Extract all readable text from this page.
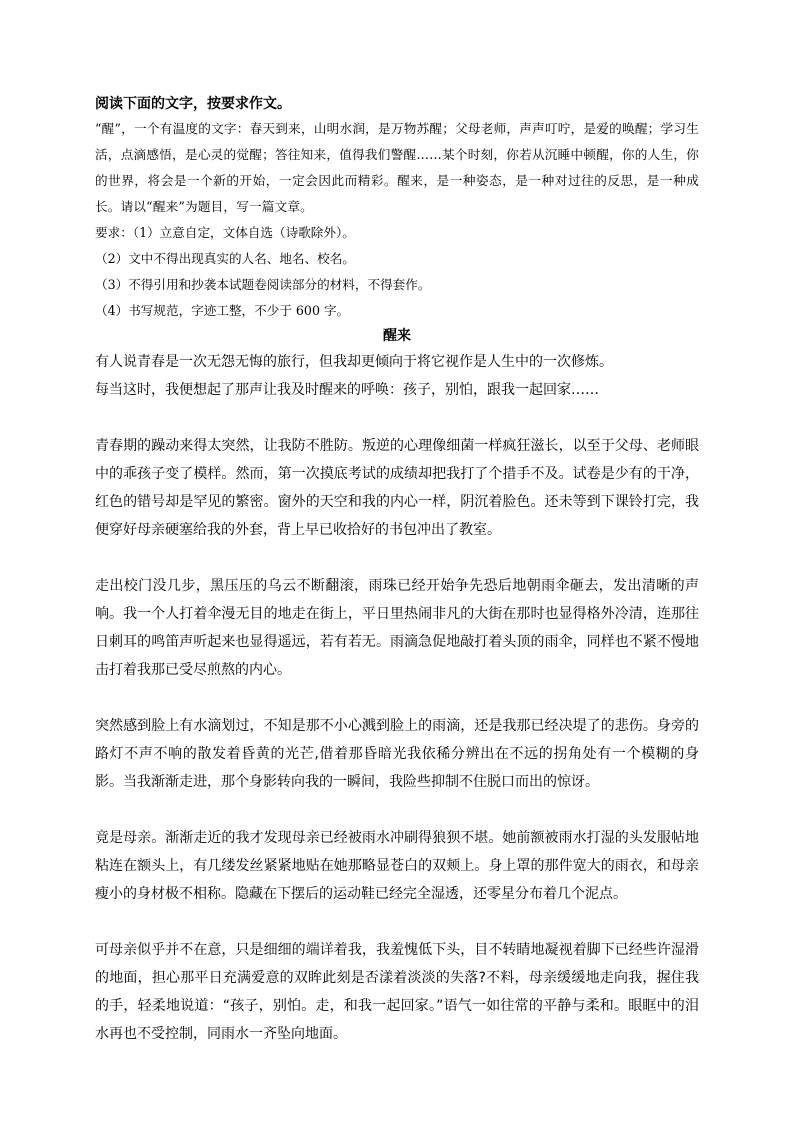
阅读下面的文字，按要求作文。

“醒”，一个有温度的文字：春天到来，山明水润，是万物苏醒；父母老师，声声叮咛，是爱的唤醒；学习生活，点滴感悟，是心灵的觉醒；答往知来，值得我们警醒……某个时刻，你若从沉睡中顿醒，你的人生，你的世界，将会是一个新的开始，一定会因此而精彩。醒来，是一种姿态，是一种对过往的反思，是一种成长。请以“醒来”为题目，写一篇文章。

要求：（1）立意自定，文体自选（诗歌除外）。

（2）文中不得出现真实的人名、地名、校名。

（3）不得引用和抄袭本试题卷阅读部分的材料，不得套作。

（4）书写规范，字迹工整，不少于 600 字。

醒来

有人说青春是一次无怨无悔的旅行，但我却更倾向于将它视作是人生中的一次修炼。

每当这时，我便想起了那声让我及时醒来的呼唤：孩子，别怕，跟我一起回家……

青春期的躁动来得太突然，让我防不胜防。叛逆的心理像细菌一样疯狂滋长，以至于父母、老师眼中的乖孩子变了模样。然而，第一次摸底考试的成绩却把我打了个措手不及。试卷是少有的干净，红色的错号却是罕见的繁密。窗外的天空和我的内心一样，阴沉着脸色。还未等到下课铃打完，我便穿好母亲硬塞给我的外套，背上早已收拾好的书包冲出了教室。

走出校门没几步，黑压压的乌云不断翻滚，雨珠已经开始争先恐后地朝雨伞砸去，发出清晰的声响。我一个人打着伞漫无目的地走在街上，平日里热闹非凡的大街在那时也显得格外冷清，连那往日刺耳的鸣笛声听起来也显得遥远，若有若无。雨滴急促地敲打着头顶的雨伞，同样也不紧不慢地击打着我那已受尽煎熬的内心。

突然感到脸上有水滴划过，不知是那不小心溅到脸上的雨滴，还是我那已经决堤了的悲伤。身旁的路灯不声不响的散发着昏黄的光芒,借着那昏暗光我依稀分辨出在不远的拐角处有一个模糊的身影。当我渐渐走进，那个身影转向我的一瞬间，我险些抑制不住脱口而出的惊讶。

竟是母亲。渐渐走近的我才发现母亲已经被雨水冲刷得狼狈不堪。她前额被雨水打湿的头发服帖地粘连在额头上，有几缕发丝紧紧地贴在她那略显苍白的双颊上。身上罩的那件宽大的雨衣，和母亲瘦小的身材极不相称。隐藏在下摆后的运动鞋已经完全湿透，还零星分布着几个泥点。

可母亲似乎并不在意，只是细细的端详着我，我羞愧低下头，目不转睛地凝视着脚下已经些许湿滑的地面，担心那平日充满爱意的双眸此刻是否漾着淡淡的失落?不料，母亲缓缓地走向我，握住我的手，轻柔地说道：“孩子，别怕。走，和我一起回家。”语气一如往常的平静与柔和。眼眶中的泪水再也不受控制，同雨水一齐坠向地面。
